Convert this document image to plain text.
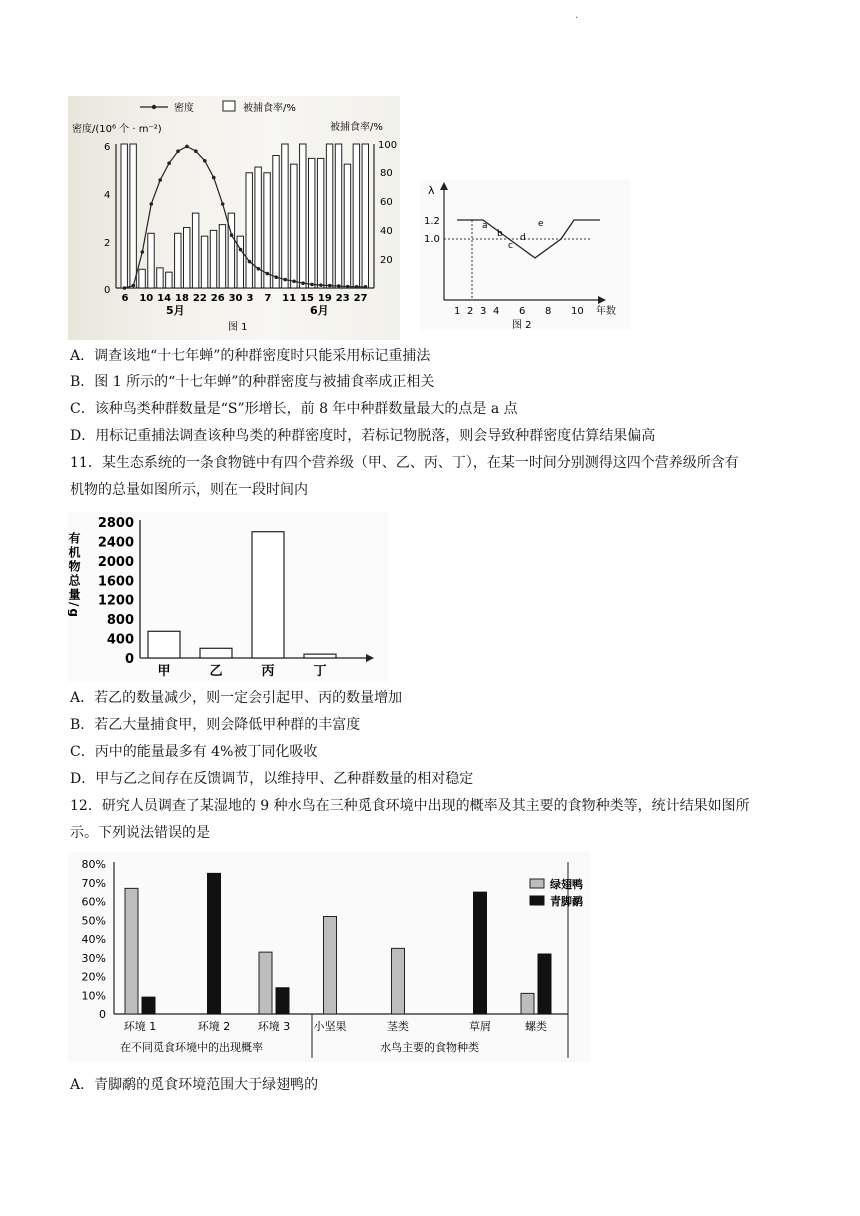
.
密度	被捕食率/%
密度/(10⁶ 个 · m⁻²)	被捕食率/%
6
4
2
0
100
80
60
40
20
6 10 14 18 22 26 30 3 7 11 15 19 23 27
5月	6月
图 1
λ
1.2
1.0
a
b
c
d
e
1 2 3 4 6 8 10 年数
图 2
A．调查该地“十七年蝉”的种群密度时只能采用标记重捕法
B．图 1 所示的“十七年蝉”的种群密度与被捕食率成正相关
C．该种鸟类种群数量是“S”形增长，前 8 年中种群数量最大的点是 a 点
D．用标记重捕法调查该种鸟类的种群密度时，若标记物脱落，则会导致种群密度估算结果偏高
11．某生态系统的一条食物链中有四个营养级（甲、乙、丙、丁），在某一时间分别测得这四个营养级所含有
机物的总量如图所示，则在一段时间内
有机物总量/g
2800
2400
2000
1600
1200
800
400
0
甲	乙	丙	丁
A．若乙的数量减少，则一定会引起甲、丙的数量增加
B．若乙大量捕食甲，则会降低甲种群的丰富度
C．丙中的能量最多有 4%被丁同化吸收
D．甲与乙之间存在反馈调节，以维持甲、乙种群数量的相对稳定
12．研究人员调查了某湿地的 9 种水鸟在三种觅食环境中出现的概率及其主要的食物种类等，统计结果如图所
示。下列说法错误的是
80%
70%
60%
50%
40%
30%
20%
10%
0
环境 1	环境 2	环境 3 小坚果	茎类	草屑	螺类
绿翅鸭
青脚鹬
在不同觅食环境中的出现概率	水鸟主要的食物种类
A．青脚鹬的觅食环境范围大于绿翅鸭的
